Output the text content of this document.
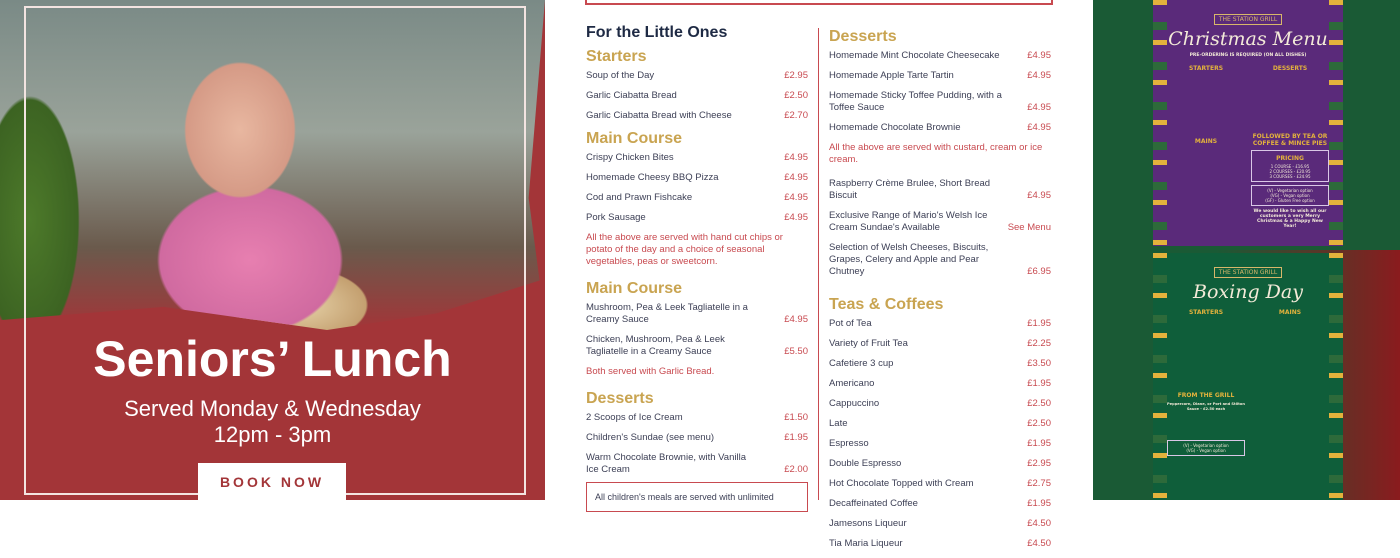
Seniors’ Lunch
Served Monday & Wednesday
12pm - 3pm
BOOK NOW
For the Little Ones
Starters
Soup of the Day	£2.95
Garlic Ciabatta Bread	£2.50
Garlic Ciabatta Bread with Cheese	£2.70
Main Course
Crispy Chicken Bites	£4.95
Homemade Cheesy BBQ Pizza	£4.95
Cod and Prawn Fishcake	£4.95
Pork Sausage	£4.95
All the above are served with hand cut chips or potato of the day and a choice of seasonal vegetables, peas or sweetcorn.
Main Course
Mushroom, Pea & Leek Tagliatelle in a Creamy Sauce	£4.95
Chicken, Mushroom, Pea & Leek Tagliatelle in a Creamy Sauce	£5.50
Both served with Garlic Bread.
Desserts
2 Scoops of Ice Cream	£1.50
Children's Sundae (see menu)	£1.95
Warm Chocolate Brownie, with Vanilla Ice Cream	£2.00
Desserts
Homemade Mint Chocolate Cheesecake	£4.95
Homemade Apple Tarte Tartin	£4.95
Homemade Sticky Toffee Pudding, with a Toffee Sauce	£4.95
Homemade Chocolate Brownie	£4.95
All the above are served with custard, cream or ice cream.
Raspberry Crème Brulee, Short Bread Biscuit	£4.95
Exclusive Range of Mario's Welsh Ice Cream Sundae's Available	See Menu
Selection of Welsh Cheeses, Biscuits, Grapes, Celery and Apple and Pear Chutney	£6.95
Teas & Coffees
Pot of Tea	£1.95
Variety of Fruit Tea	£2.25
Cafetiere 3 cup	£3.50
Americano	£1.95
Cappuccino	£2.50
Late	£2.50
Espresso	£1.95
Double Espresso	£2.95
Hot Chocolate Topped with Cream	£2.75
Decaffeinated Coffee	£1.95
Jamesons Liqueur	£4.50
Tia Maria Liqueur	£4.50
All children's meals are served with unlimited
THE STATION GRILL
Christmas Menu
PRE-ORDERING IS REQUIRED (ON ALL DISHES)
STARTERS
MAINS
DESSERTS
FOLLOWED BY TEA OR COFFEE & MINCE PIES
PRICING
1 COURSE - £16.95
2 COURSES - £20.95
3 COURSES - £24.95
(V) - Vegetarian option
(VG) - Vegan option
(GF) - Gluten Free option
We would like to wish all our customers a very Merry Christmas & a Happy New Year!
THE STATION GRILL
Boxing Day
STARTERS
FROM THE GRILL
Peppercorn, Diane, or Port and Stilton Sauce - £2.50 each
(V) - Vegetarian option
(VG) - Vegan option
MAINS
